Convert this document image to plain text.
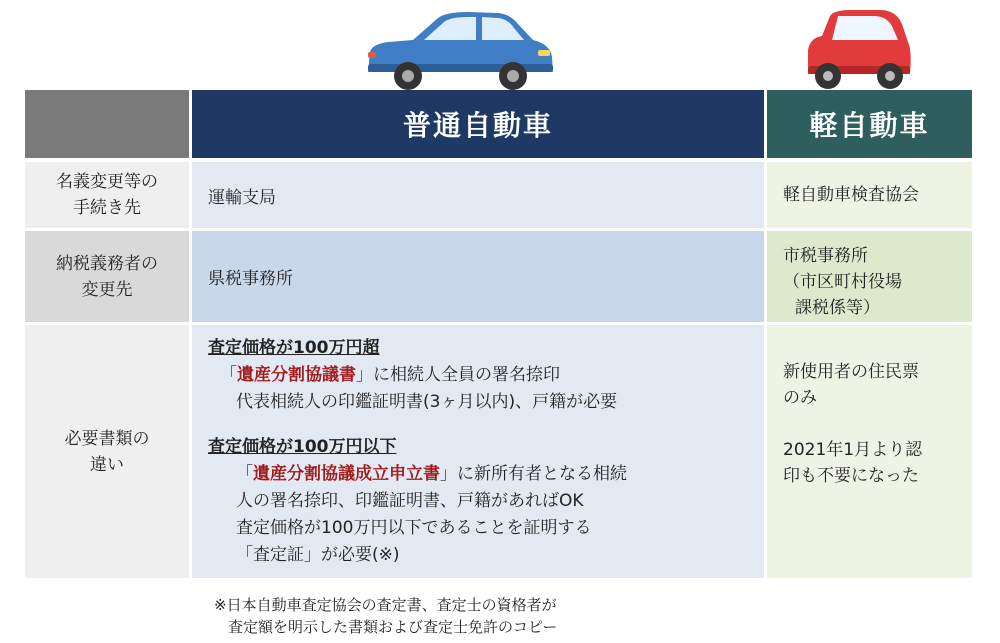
普通自動車	軽自動車
名義変更等の
手続き先
運輸支局	軽自動車検査協会
納税義務者の
変更先
県税事務所
市税事務所
（市区町村役場
課税係等）
必要書類の
違い
査定価格が100万円超
「遺産分割協議書」に相続人全員の署名捺印
代表相続人の印鑑証明書(3ヶ月以内)、戸籍が必要
査定価格が100万円以下
「遺産分割協議成立申立書」に新所有者となる相続
人の署名捺印、印鑑証明書、戸籍があればOK
査定価格が100万円以下であることを証明する
「査定証」が必要(※)
新使用者の住民票
のみ
2021年1月より認
印も不要になった
※日本自動車査定協会の査定書、査定士の資格者が
査定額を明示した書類および査定士免許のコピー
